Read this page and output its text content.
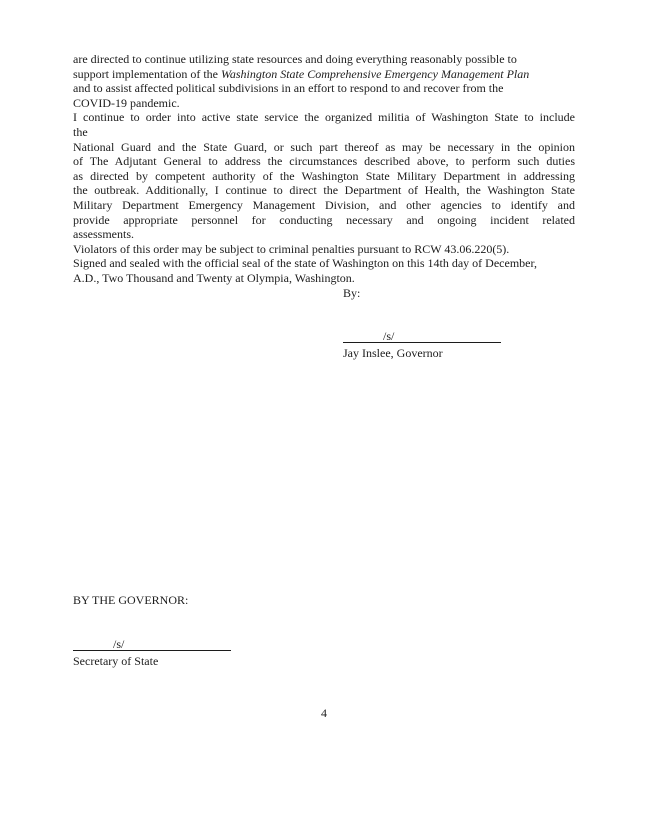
are directed to continue utilizing state resources and doing everything reasonably possible to
support implementation of the Washington State Comprehensive Emergency Management Plan
and to assist affected political subdivisions in an effort to respond to and recover from the
COVID-19 pandemic.

I continue to order into active state service the organized militia of Washington State to include
the
National Guard and the State Guard, or such part thereof as may be necessary in the opinion
of The Adjutant General to address the circumstances described above, to perform such duties
as directed by competent authority of the Washington State Military Department in addressing
the outbreak. Additionally, I continue to direct the Department of Health, the Washington State
Military Department Emergency Management Division, and other agencies to identify and
provide appropriate personnel for conducting necessary and ongoing incident related
assessments.

Violators of this order may be subject to criminal penalties pursuant to RCW 43.06.220(5).

Signed and sealed with the official seal of the state of Washington on this 14th day of December,
A.D., Two Thousand and Twenty at Olympia, Washington.

By:
/s/
Jay Inslee, Governor
BY THE GOVERNOR:
/s/
Secretary of State
4
